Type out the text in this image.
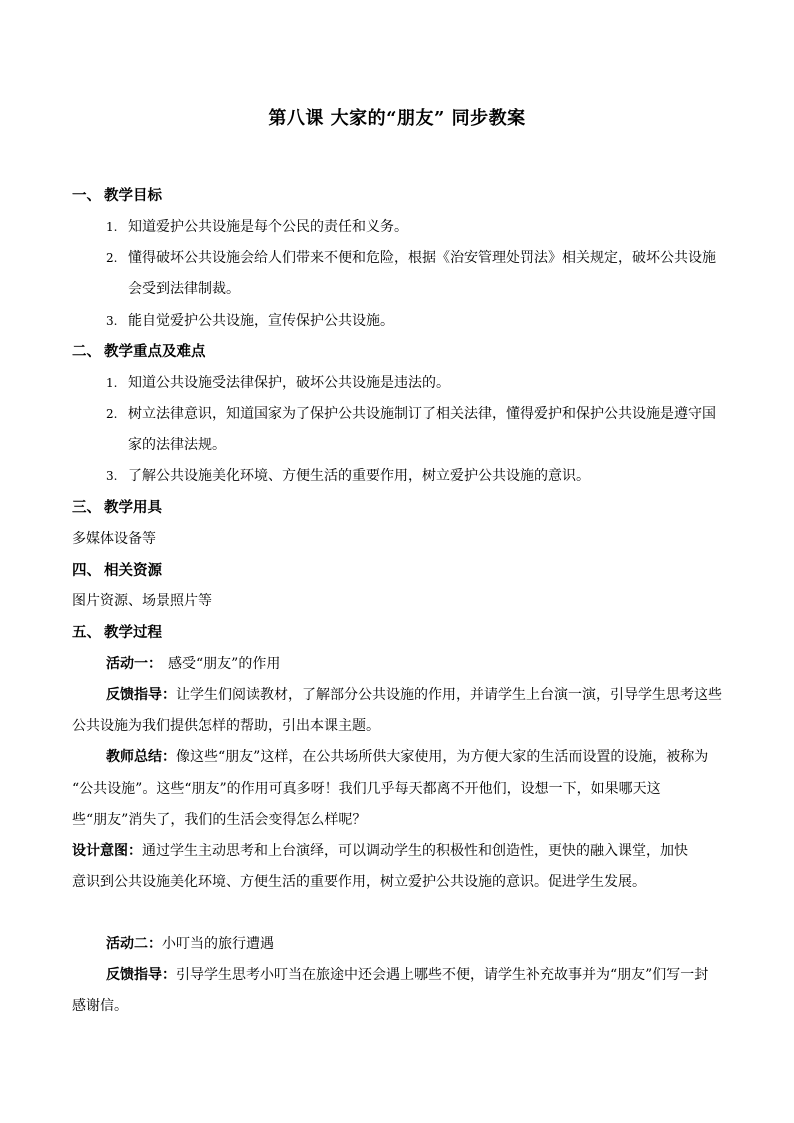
第八课 大家的“朋友” 同步教案
一、 教学目标
1. 知道爱护公共设施是每个公民的责任和义务。
2. 懂得破坏公共设施会给人们带来不便和危险，根据《治安管理处罚法》相关规定，破坏公共设施
会受到法律制裁。
3. 能自觉爱护公共设施，宣传保护公共设施。
二、 教学重点及难点
1. 知道公共设施受法律保护，破坏公共设施是违法的。
2. 树立法律意识，知道国家为了保护公共设施制订了相关法律，懂得爱护和保护公共设施是遵守国
家的法律法规。
3. 了解公共设施美化环境、方便生活的重要作用，树立爱护公共设施的意识。
三、 教学用具
多媒体设备等
四、 相关资源
图片资源、场景照片等
五、 教学过程
活动一： 感受“朋友”的作用
反馈指导：让学生们阅读教材，了解部分公共设施的作用，并请学生上台演一演，引导学生思考这些
公共设施为我们提供怎样的帮助，引出本课主题。
教师总结：像这些“朋友”这样，在公共场所供大家使用，为方便大家的生活而设置的设施，被称为
“公共设施”。这些“朋友”的作用可真多呀！我们几乎每天都离不开他们，设想一下，如果哪天这
些“朋友”消失了，我们的生活会变得怎么样呢？
设计意图：通过学生主动思考和上台演绎，可以调动学生的积极性和创造性，更快的融入课堂，加快
意识到公共设施美化环境、方便生活的重要作用，树立爱护公共设施的意识。促进学生发展。
活动二：小叮当的旅行遭遇
反馈指导：引导学生思考小叮当在旅途中还会遇上哪些不便，请学生补充故事并为“朋友”们写一封
感谢信。
